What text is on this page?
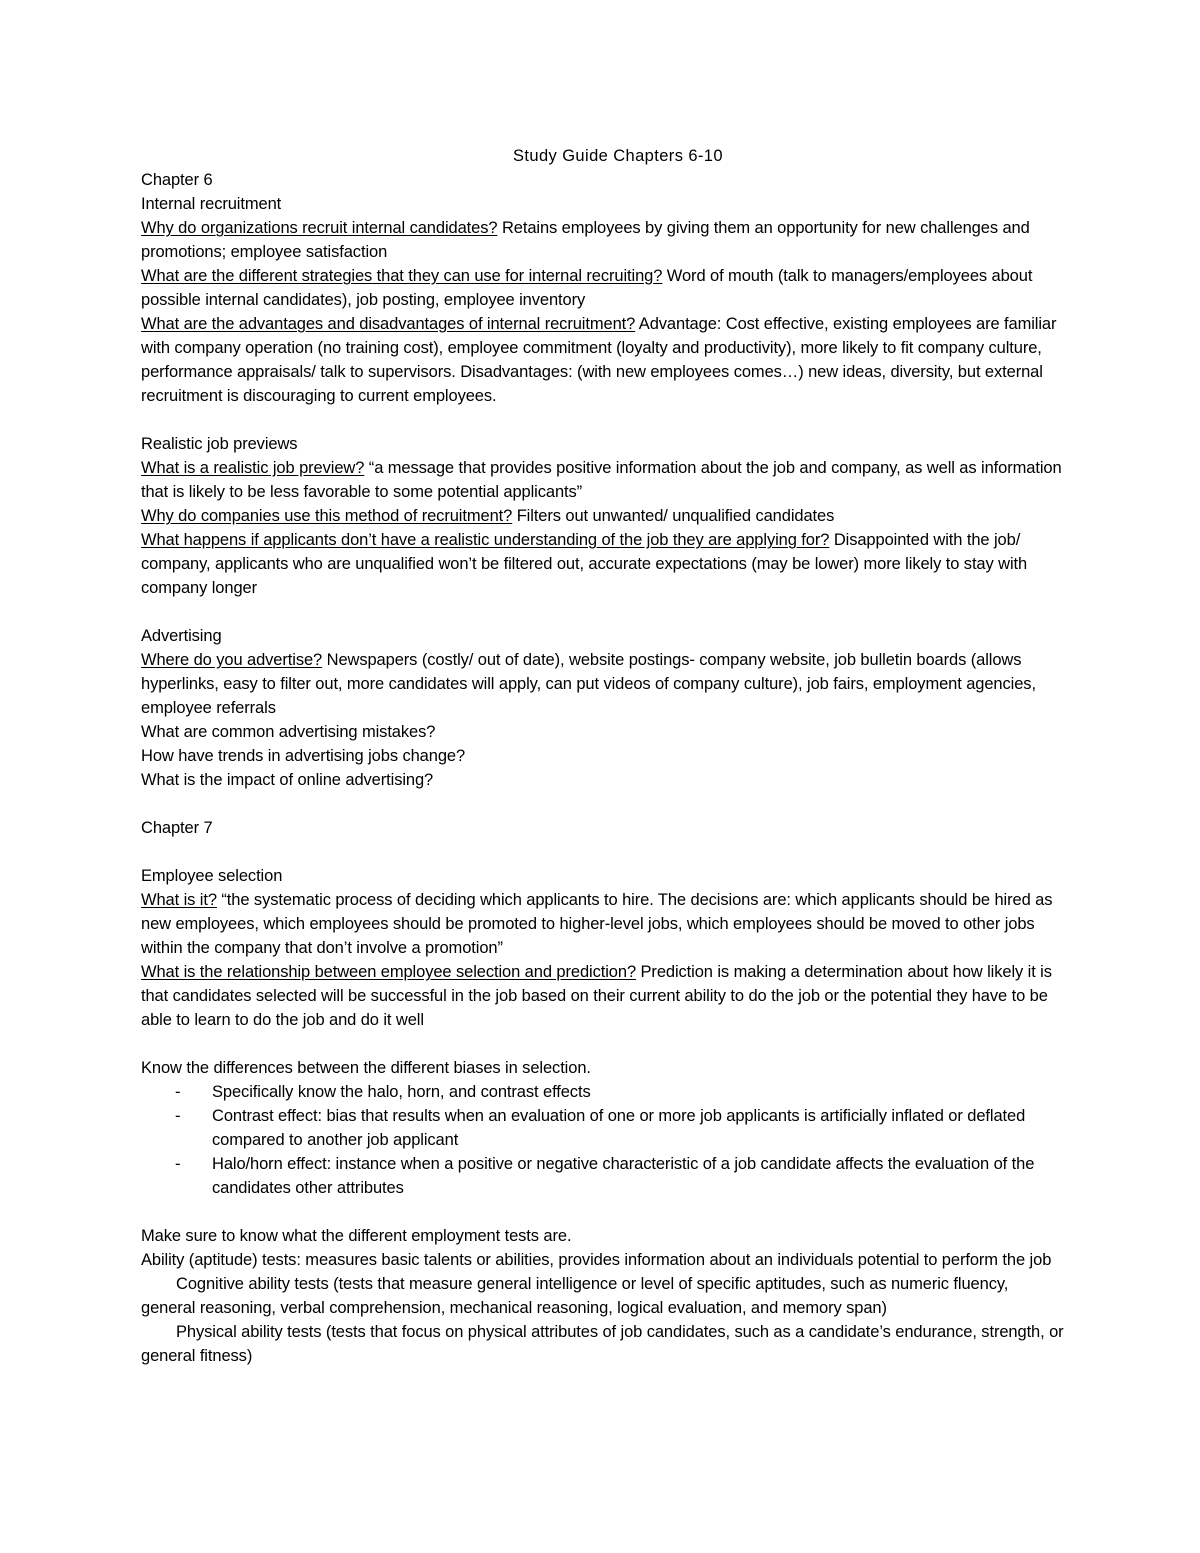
Study Guide Chapters 6-10
Chapter 6
Internal recruitment

Why do organizations recruit internal candidates? Retains employees by giving them an opportunity for new challenges and promotions; employee satisfaction

What are the different strategies that they can use for internal recruiting? Word of mouth (talk to managers/employees about possible internal candidates), job posting, employee inventory

What are the advantages and disadvantages of internal recruitment? Advantage: Cost effective, existing employees are familiar with company operation (no training cost), employee commitment (loyalty and productivity), more likely to fit company culture, performance appraisals/ talk to supervisors. Disadvantages: (with new employees comes…) new ideas, diversity, but external recruitment is discouraging to current employees.

Realistic job previews

What is a realistic job preview? “a message that provides positive information about the job and company, as well as information that is likely to be less favorable to some potential applicants”

Why do companies use this method of recruitment? Filters out unwanted/ unqualified candidates

What happens if applicants don’t have a realistic understanding of the job they are applying for? Disappointed with the job/ company, applicants who are unqualified won’t be filtered out, accurate expectations (may be lower) more likely to stay with company longer

Advertising

Where do you advertise? Newspapers (costly/ out of date), website postings- company website, job bulletin boards (allows hyperlinks, easy to filter out, more candidates will apply, can put videos of company culture), job fairs, employment agencies, employee referrals

What are common advertising mistakes?

How have trends in advertising jobs change?

What is the impact of online advertising?

Chapter 7
Employee selection

What is it? “the systematic process of deciding which applicants to hire. The decisions are: which applicants should be hired as new employees, which employees should be promoted to higher-level jobs, which employees should be moved to other jobs within the company that don’t involve a promotion”

What is the relationship between employee selection and prediction? Prediction is making a determination about how likely it is that candidates selected will be successful in the job based on their current ability to do the job or the potential they have to be able to learn to do the job and do it well

Know the differences between the different biases in selection.

- Specifically know the halo, horn, and contrast effects
- Contrast effect: bias that results when an evaluation of one or more job applicants is artificially inflated or deflated compared to another job applicant
- Halo/horn effect: instance when a positive or negative characteristic of a job candidate affects the evaluation of the candidates other attributes

Make sure to know what the different employment tests are.

Ability (aptitude) tests: measures basic talents or abilities, provides information about an individuals potential to perform the job

Cognitive ability tests (tests that measure general intelligence or level of specific aptitudes, such as numeric fluency, general reasoning, verbal comprehension, mechanical reasoning, logical evaluation, and memory span)

Physical ability tests (tests that focus on physical attributes of job candidates, such as a candidate’s endurance, strength, or general fitness)
